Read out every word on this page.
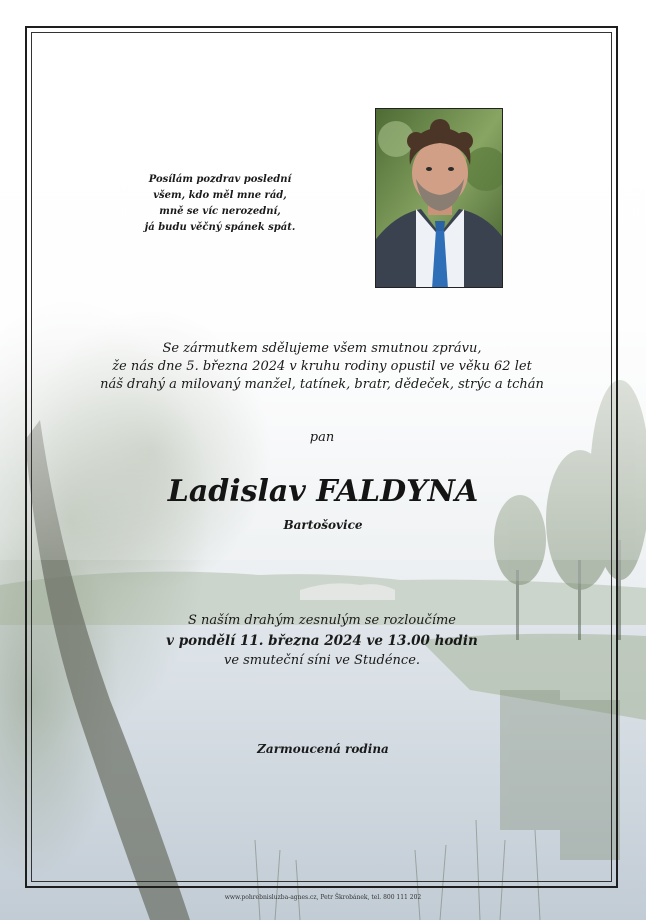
Posílám pozdrav poslední
všem, kdo měl mne rád,
mně se víc nerozední,
já budu věčný spánek spát.
Se zármutkem sdělujeme všem smutnou zprávu,
že nás dne 5. března 2024 v kruhu rodiny opustil ve věku 62 let
náš drahý a milovaný manžel, tatínek, bratr, dědeček, strýc a tchán
pan
Ladislav FALDYNA
Bartošovice
S naším drahým zesnulým se rozloučíme
v pondělí 11. března 2024 ve 13.00 hodin
ve smuteční síni ve Studénce.
Zarmoucená rodina
www.pohrebnisluzba-agnes.cz, Petr Škrobánek, tel. 800 111 202
